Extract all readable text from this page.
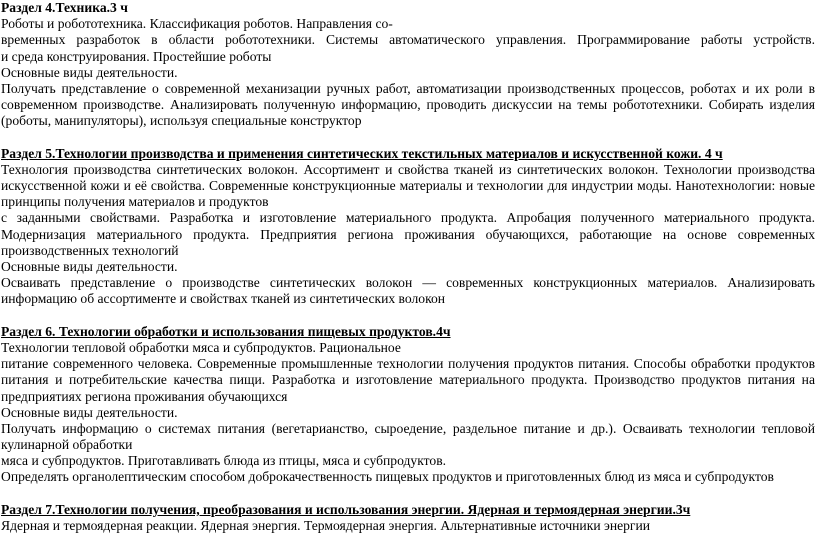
Раздел 4.Техника.3 ч
Роботы и робототехника. Классификация роботов. Направления со-
временных разработок в области робототехники. Системы автоматического управления. Программирование работы устройств.
и среда конструирования. Простейшие роботы
Основные виды деятельности.
Получать представление о современной механизации ручных работ, автоматизации производственных процессов, роботах и их роли в
современном производстве. Анализировать полученную информацию, проводить дискуссии на темы робототехники. Собирать изделия
(роботы, манипуляторы), используя специальные конструктор
Раздел 5.Технологии производства и применения синтетических текстильных материалов и искусственной кожи. 4 ч
Технология производства синтетических волокон. Ассортимент и свойства тканей из синтетических волокон. Технологии производства
искусственной кожи и её свойства. Современные конструкционные материалы и технологии для индустрии моды. Нанотехнологии: новые
принципы получения материалов и продуктов
с заданными свойствами. Разработка и изготовление материального продукта. Апробация полученного материального продукта.
Модернизация материального продукта. Предприятия региона проживания обучающихся, работающие на основе современных
производственных технологий
Основные виды деятельности.
Осваивать представление о производстве синтетических волокон — современных конструкционных материалов. Анализировать
информацию об ассортименте и свойствах тканей из синтетических волокон
Раздел 6. Технологии обработки и использования пищевых продуктов.4ч
Технологии тепловой обработки мяса и субпродуктов. Рациональное
питание современного человека. Современные промышленные технологии получения продуктов питания. Способы обработки продуктов
питания и потребительские качества пищи. Разработка и изготовление материального продукта. Производство продуктов питания на
предприятиях региона проживания обучающихся
Основные виды деятельности.
Получать информацию о системах питания (вегетарианство, сыроедение, раздельное питание и др.). Осваивать технологии тепловой
кулинарной обработки
мяса и субпродуктов. Приготавливать блюда из птицы, мяса и субпродуктов.
Определять органолептическим способом доброкачественность пищевых продуктов и приготовленных блюд из мяса и субпродуктов
Раздел 7.Технологии получения, преобразования и использования энергии. Ядерная и термоядерная энергии.3ч
Ядерная и термоядерная реакции. Ядерная энергия. Термоядерная энергия. Альтернативные источники энергии
